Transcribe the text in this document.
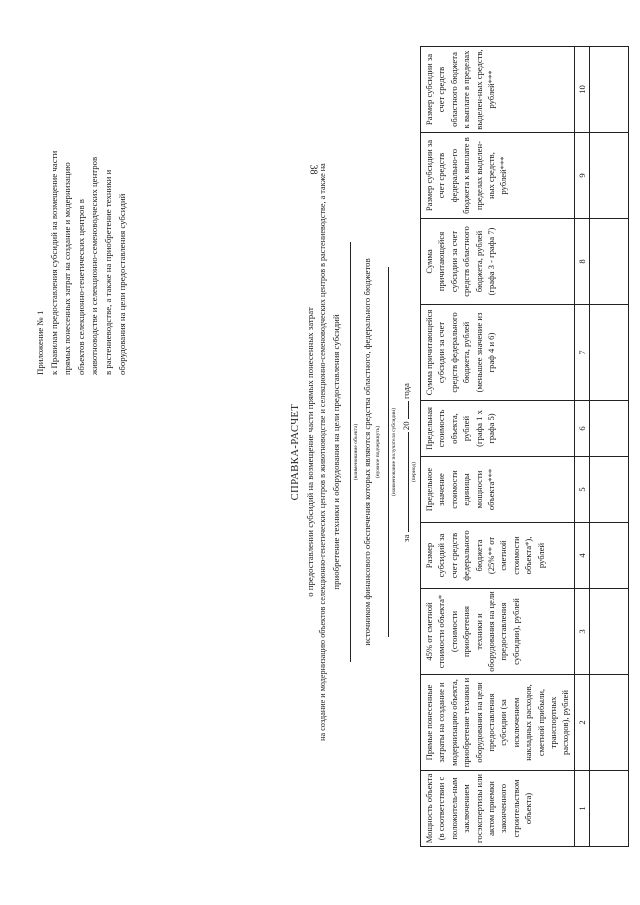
38
Приложение № 1 к Правилам предоставления субсидий на возмещение части прямых понесенных затрат на создание и модернизацию объектов селекционно-генетических центров в животноводстве и селекционно-семеноводческих центров в растениеводстве, а также на приобретение техники и оборудования на цели предоставления субсидий
СПРАВКА-РАСЧЕТ о предоставлении субсидий на возмещение части прямых понесенных затрат на создание и модернизацию объектов селекционно-генетических центров в животноводстве и селекционно-семеноводческих центров в растениеводстве, а также на приобретение техники и оборудования на цели предоставления субсидий (наименование объекта) источником финансового обеспечения которых являются средства областного, федерального бюджетов (нужное подчеркнуть) (наименование получателя субсидии)
за  20  года
(период)
Мощность объекта (в соответствии с положитель-ным заключением госэкспертизы или актом приемки законченного строительством объекта)	Прямые понесенные затраты на создание и модернизацию объекта, приобретение техники и оборудования на цели предоставления субсидии (за исключением накладных расходов, сметной прибыли, транспортных расходов), рублей	45% от сметной стоимости объекта* (стоимости приобретения техники и оборудования на цели предоставления субсидии), рублей	Размер субсидий за счет средств федерального бюджета (25%** от сметной стоимости объекта*), рублей	Предельное значение стоимости единицы мощности объекта***	Предельная стоимость объекта, рублей (графа 1 х графа 5)	Сумма причитающейся субсидии за счет средств федерального бюджета, рублей (меньшее значение из граф 4 и 6)	Сумма причитающейся субсидии за счет средств областного бюджета, рублей (графа 3 - графа 7)	Размер субсидии за счет средств федерально-го бюджета к выплате в пределах выделен-ных средств, рублей***	Размер субсидии за счет средств областного бюджета к выплате в пределах выделен-ных средств, рублей***
1	2	3	4	5	6	7	8	9	10
